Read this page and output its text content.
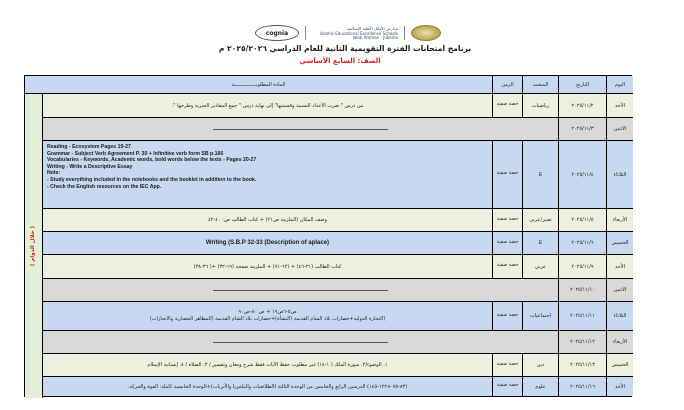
cognia
مدارس الأوائل الأهلية الإسلامية
Islamic Educational Excellence Schools
Jabal Amman - Jubeiha
برنامج امتحانات الفترة التقويمية الثانية للعام الدراسي ٢٠٢٥/٢٠٢٦ م
الصف: السابع الأساسي
المادة المطلوبـــــــــــــــة	الزمن	المبحث	التاريخ	اليوم
( خلال الدوام )
من درس " ضرب الأعداد النسبية وقسمتها" إلى نهاية درس " جمع المقادير الجبرية وطرحها ".	حصة صفية	رياضيات	٢٠٢٥/١١/٢	الأحد
٢٠٢٥/١١/٣	الاثنين
Reading - Ecosystem Pages 19-27
Grammar - Subject Verb Agreement P. 30 + Infinitive verb form SB p.166
Vocabularies - Keywords, Academic words, bold words below the texts - Pages 20-27
Writing - Write a Descriptive Essay
Note:
- Study everything included in the notebooks and the booklet in addition to the book.
- Check the English resources on the IEC App.
حصة صفية	E	٢٠٢٥/١١/٤	الثلاثاء
وصف المكان (الملزمة ص٢١) + كتاب الطالب ص: ٤٠-٤٢	حصة صفية	تعبير/عربي	٢٠٢٥/١١/٥	الأربعاء
Writing (S.B.P 32-33 (Description of aplace)	حصة صفية	E	٢٠٢٥/١١/٦	الخميس
كتاب الطالب (٣١-٤٦) + (٦٢-٧١) + الملزمة صفحة (١٩-٣٢) +( ٣٦-٣٨)	حصة صفية	عربي	٢٠٢٥/١١/٩	الأحد
٢٠٢٥/١١/١٠	الاثنين
ص٥-٦ص١٩ + ص ٨٠-ص٩٠
(التجارة الدولية+حضارات بلاد الشام القديمة (النشأة)+حضارات بلاد الشام القديمة (المظاهر الحضارية والانجازات)
حصة صفية	اجتماعيات	٢٠٢٥/١١/١١	الثلاثاء
٢٠٢٥/١١/١٢	الأربعاء
١. الوضوء/٢. سورة الملك ( ١-١٤) غير مطلوب حفظ الآيات فقط شرح ومعان وتفسير / ٣. الصلاة / ٤. إنسانية الإسلام	حصة صفية	دين	٢٠٢٥/١١/١٣	الخميس
(٨٣-٧٥ +١٢٢-١٤٥) الدرسين الرابع والخامس من الوحدة الثالثة (الطلائعيات والبكتيريا والأثريات)+الوحدة الخامسة كاملة: القوة والحركة.	حصة صفية	علوم	٢٠٢٥/١١/١٦	الأحد
